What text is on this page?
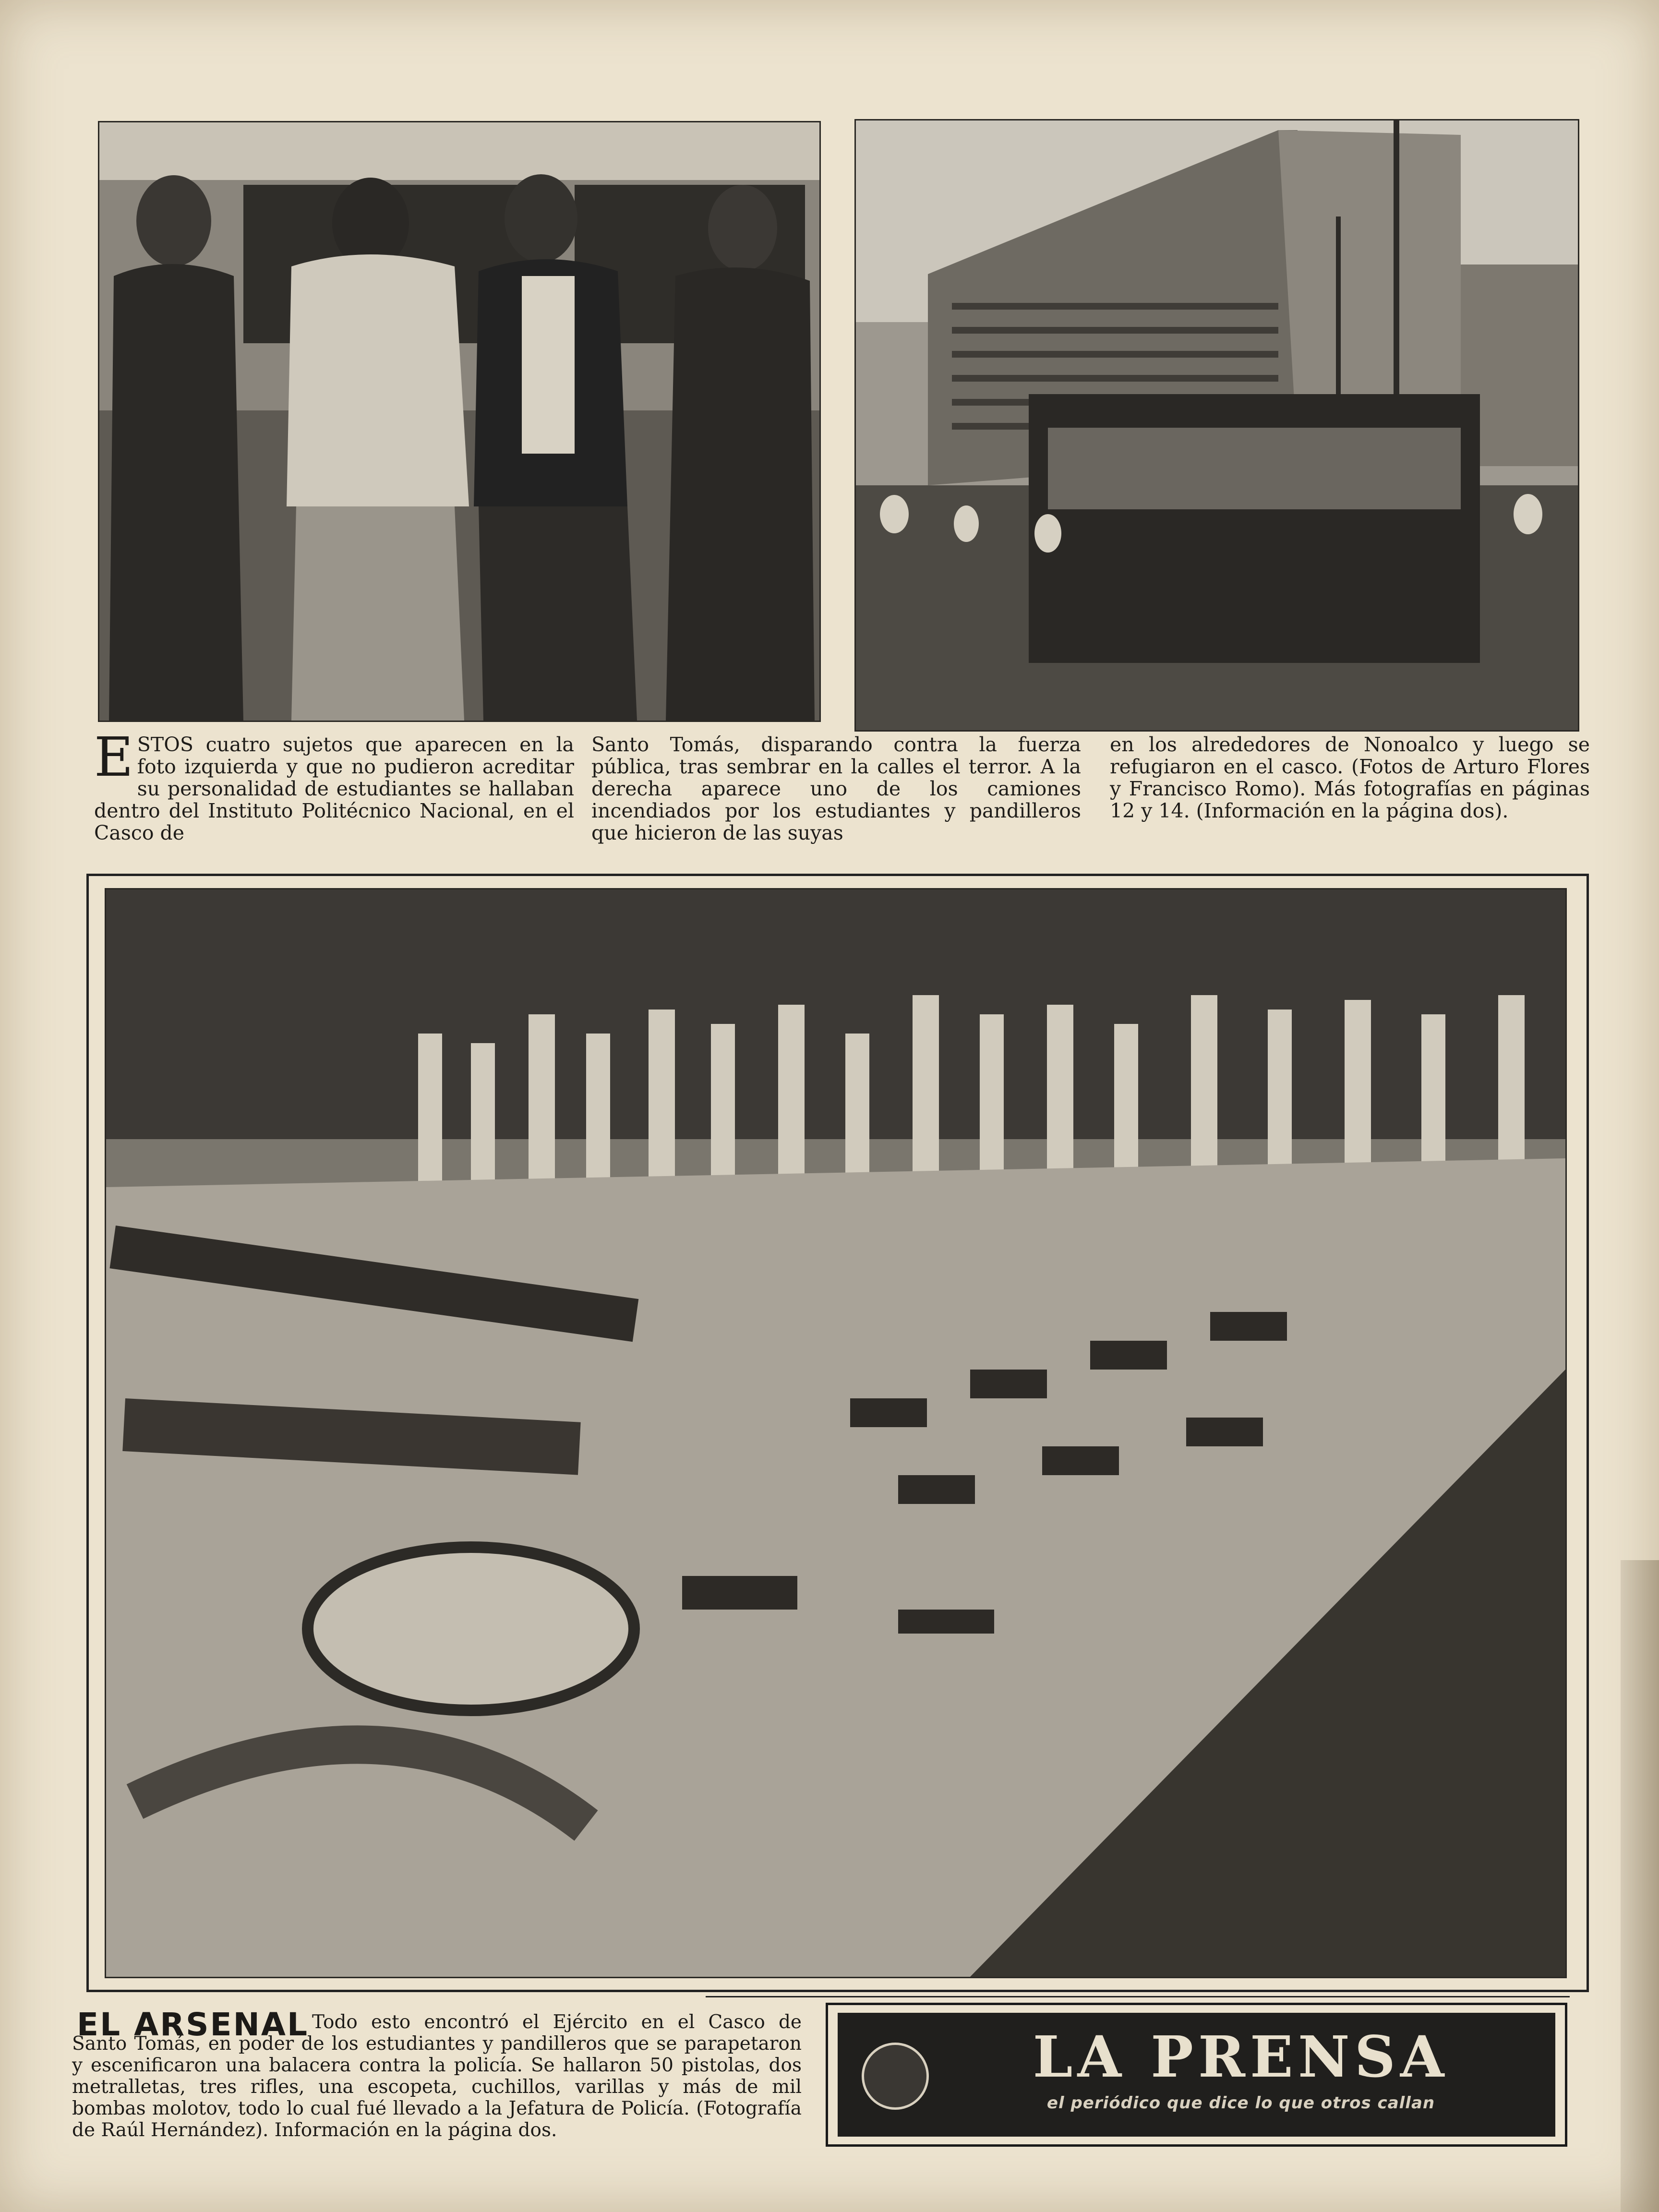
ESTOS cuatro sujetos que aparecen en la foto izquierda y que no pudieron acreditar su personalidad de estudiantes se hallaban dentro del Instituto Politécnico Nacional, en el Casco de
Santo Tomás, disparando contra la fuerza pública, tras sembrar en la calles el terror. A la derecha aparece uno de los camiones incendiados por los estudiantes y pandilleros que hicieron de las suyas
en los alrededores de Nonoalco y luego se refugiaron en el casco. (Fotos de Arturo Flores y Francisco Romo). Más fotografías en páginas 12 y 14. (Información en la página dos).
EL ARSENAL Todo esto encontró el Ejército en el Casco de Santo Tomás, en poder de los estudiantes y pandilleros que se parapetaron y escenificaron una balacera contra la policía. Se hallaron 50 pistolas, dos metralletas, tres rifles, una escopeta, cuchillos, varillas y más de mil bombas molotov, todo lo cual fué llevado a la Jefatura de Policía. (Fotografía de Raúl Hernández). Información en la página dos.
LA PRENSA
el periódico que dice lo que otros callan
